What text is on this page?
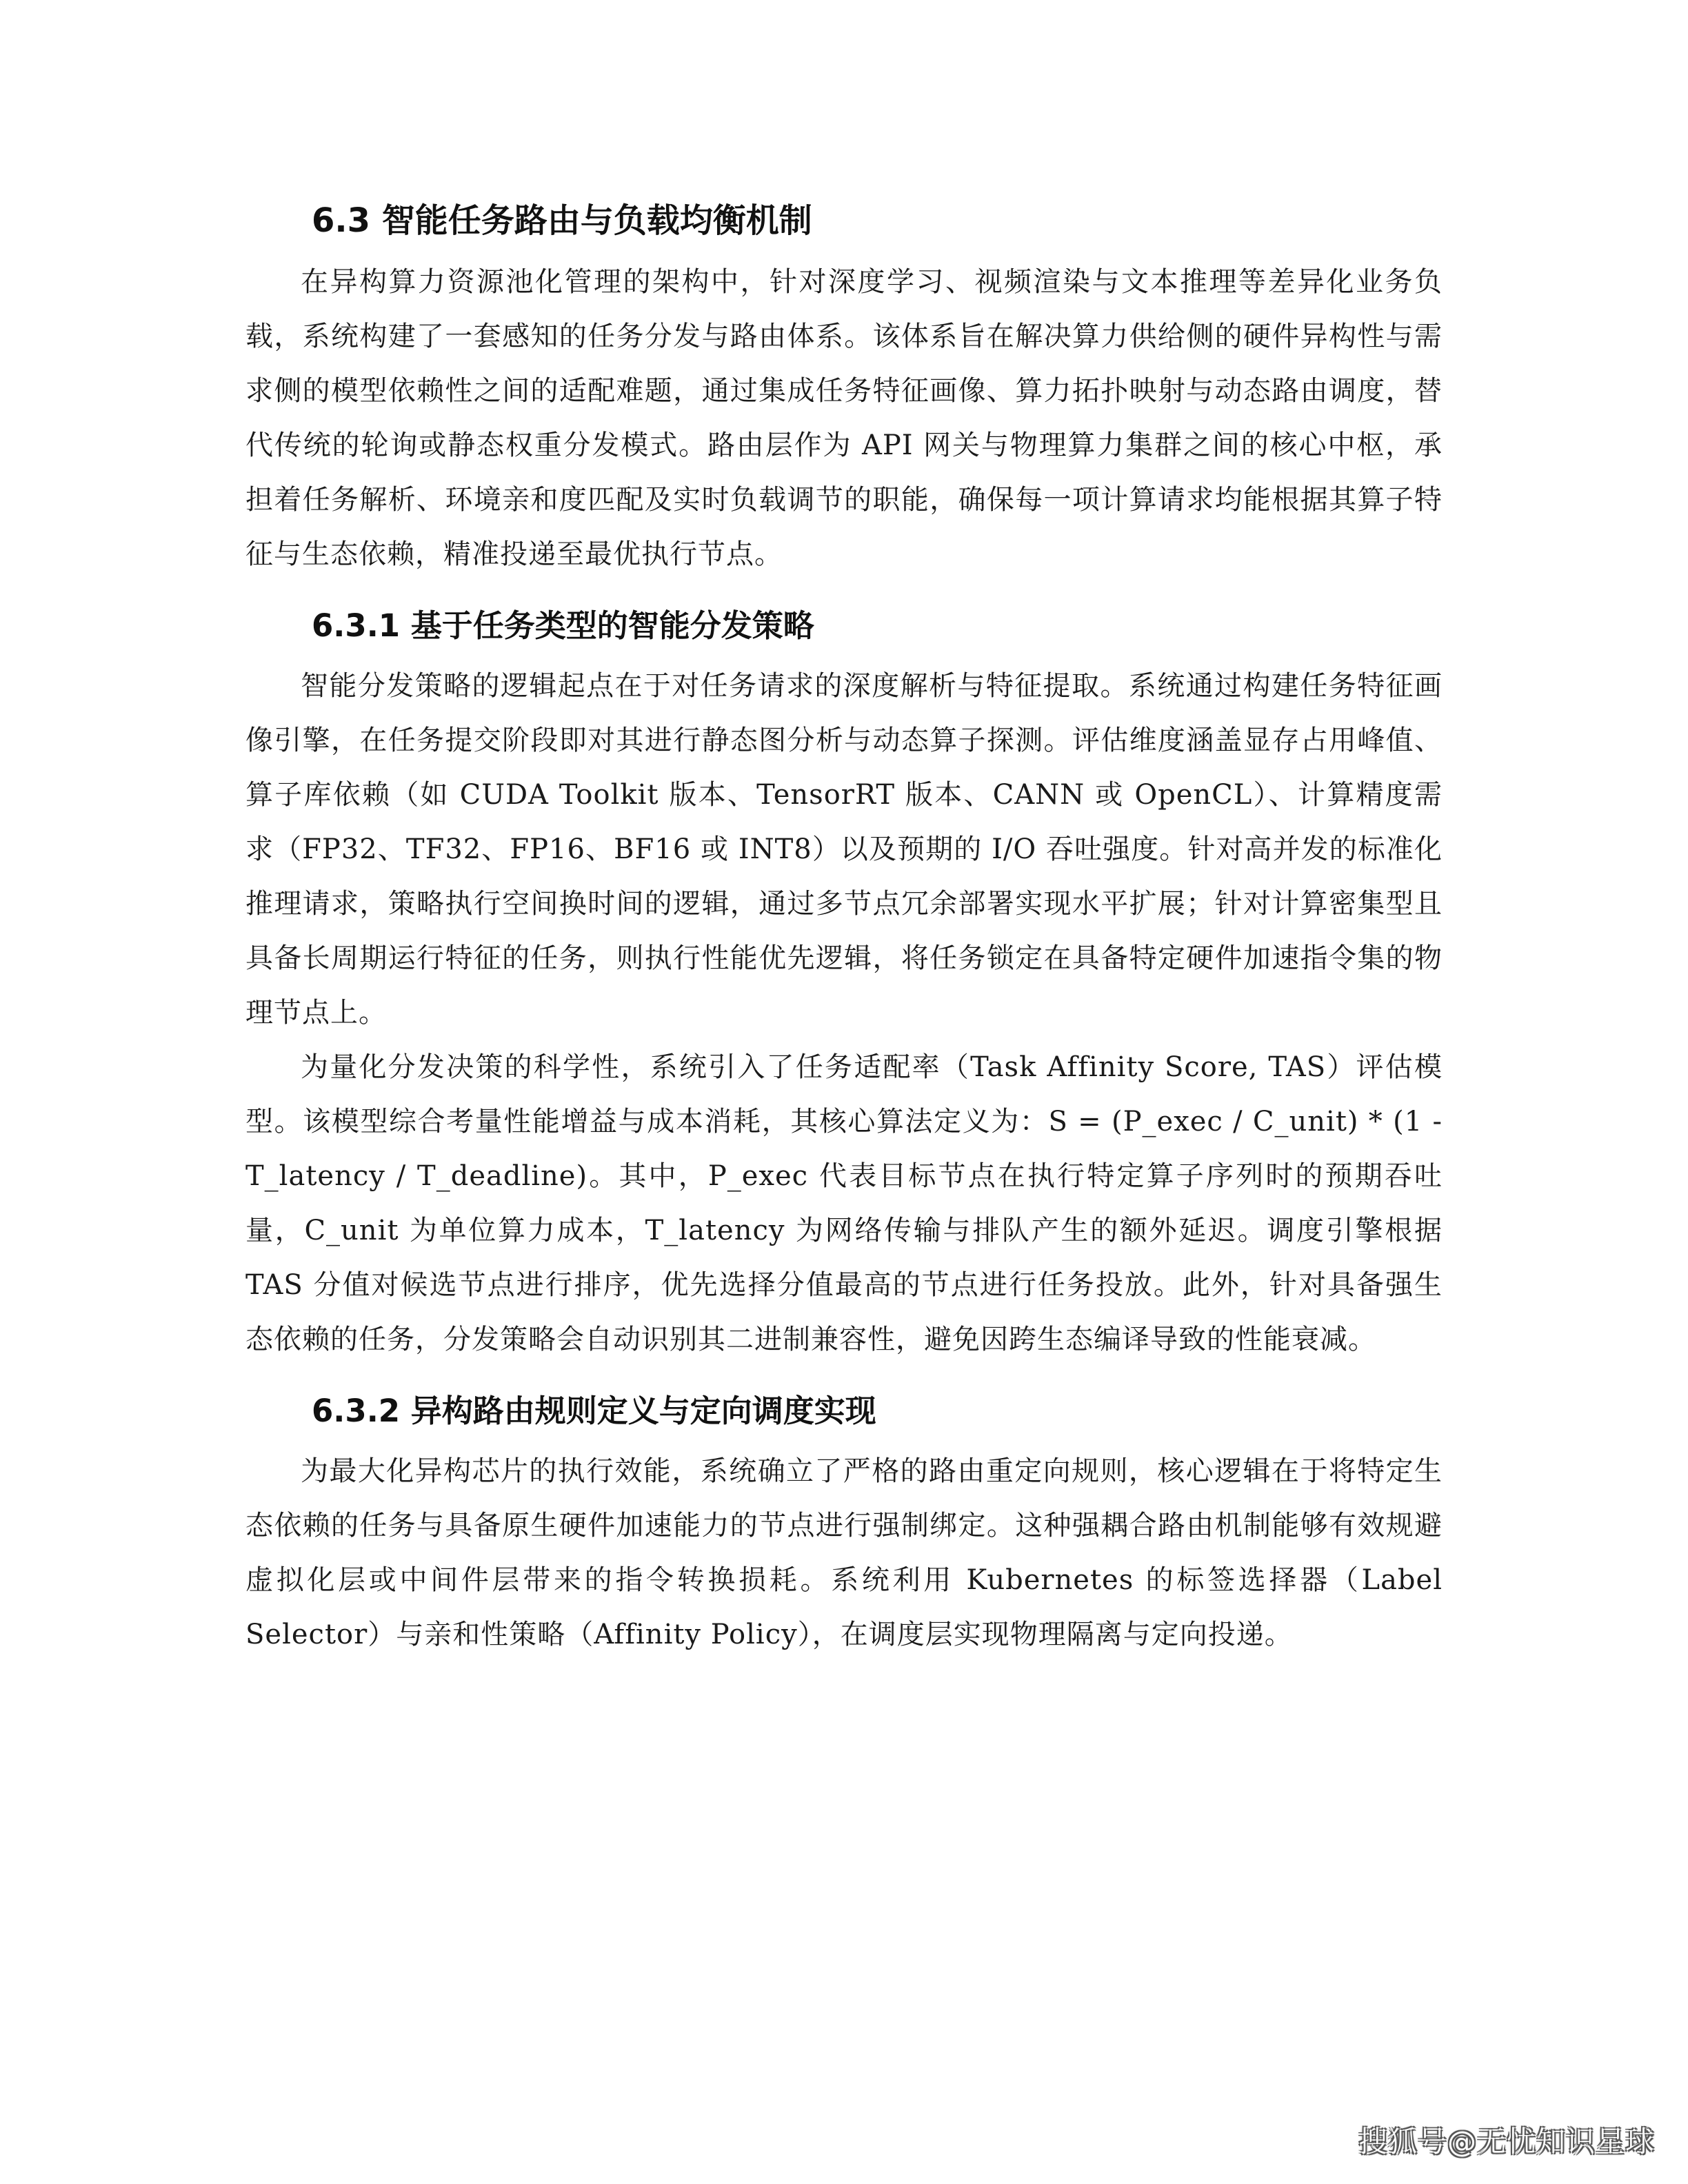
6.3 智能任务路由与负载均衡机制

在异构算力资源池化管理的架构中，针对深度学习、视频渲染与文本推理等差异化业务负载，系统构建了一套感知的任务分发与路由体系。该体系旨在解决算力供给侧的硬件异构性与需求侧的模型依赖性之间的适配难题，通过集成任务特征画像、算力拓扑映射与动态路由调度，替代传统的轮询或静态权重分发模式。路由层作为 API 网关与物理算力集群之间的核心中枢，承担着任务解析、环境亲和度匹配及实时负载调节的职能，确保每一项计算请求均能根据其算子特征与生态依赖，精准投递至最优执行节点。

6.3.1 基于任务类型的智能分发策略

智能分发策略的逻辑起点在于对任务请求的深度解析与特征提取。系统通过构建任务特征画像引擎，在任务提交阶段即对其进行静态图分析与动态算子探测。评估维度涵盖显存占用峰值、算子库依赖（如 CUDA Toolkit 版本、TensorRT 版本、CANN 或 OpenCL）、计算精度需求（FP32、TF32、FP16、BF16 或 INT8）以及预期的 I/O 吞吐强度。针对高并发的标准化推理请求，策略执行空间换时间的逻辑，通过多节点冗余部署实现水平扩展；针对计算密集型且具备长周期运行特征的任务，则执行性能优先逻辑，将任务锁定在具备特定硬件加速指令集的物理节点上。

为量化分发决策的科学性，系统引入了任务适配率（Task Affinity Score, TAS）评估模型。该模型综合考量性能增益与成本消耗，其核心算法定义为：S = (P_exec / C_unit) * (1 - T_latency / T_deadline)。其中，P_exec 代表目标节点在执行特定算子序列时的预期吞吐量，C_unit 为单位算力成本，T_latency 为网络传输与排队产生的额外延迟。调度引擎根据 TAS 分值对候选节点进行排序，优先选择分值最高的节点进行任务投放。此外，针对具备强生态依赖的任务，分发策略会自动识别其二进制兼容性，避免因跨生态编译导致的性能衰减。

6.3.2 异构路由规则定义与定向调度实现

为最大化异构芯片的执行效能，系统确立了严格的路由重定向规则，核心逻辑在于将特定生态依赖的任务与具备原生硬件加速能力的节点进行强制绑定。这种强耦合路由机制能够有效规避虚拟化层或中间件层带来的指令转换损耗。系统利用 Kubernetes 的标签选择器（Label Selector）与亲和性策略（Affinity Policy），在调度层实现物理隔离与定向投递。

搜狐号@无忧知识星球
